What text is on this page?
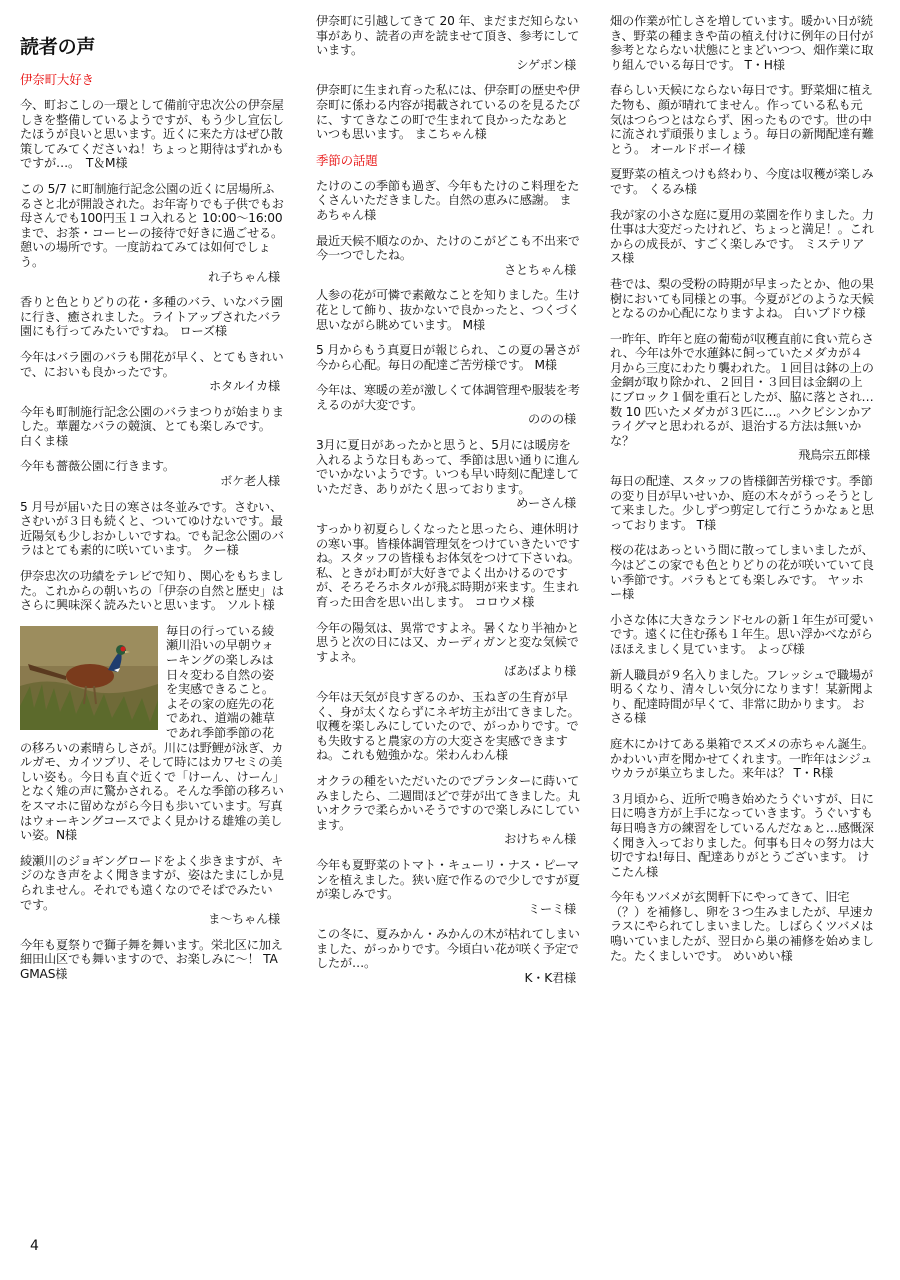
読者の声
伊奈町大好き
今、町おこしの一環として備前守忠次公の伊奈屋しきを整備しているようですが、もう少し宣伝したほうが良いと思います。近くに来た方はぜひ散策してみてくださいね！ちょっと期待はずれかもですが…。　T＆M様
この 5/7 に町制施行記念公園の近くに居場所ふるさと北が開設された。お年寄りでも子供でもお母さんでも100円玉１コ入れると 10:00～16:00 まで、お茶・コーヒーの接待で好きに過ごせる。憩いの場所です。一度訪ねてみては如何でしょう。
れ子ちゃん様
香りと色とりどりの花・多種のバラ、いなバラ園に行き、癒されました。ライトアップされたバラ園にも行ってみたいですね。 ローズ様
今年はバラ園のバラも開花が早く、とてもきれいで、においも良かったです。
ホタルイカ様
今年も町制施行記念公園のバラまつりが始まりました。華麗なバラの競演、とても楽しみです。 白くま様
今年も薔薇公園に行きます。
ボケ老人様
5 月号が届いた日の寒さは冬並みです。さむい、さむいが３日も続くと、ついてゆけないです。最近陽気も少しおかしいですね。でも記念公園のバラはとても素的に咲いています。 クー様
伊奈忠次の功績をテレビで知り、関心をもちました。これからの朝いちの「伊奈の自然と歴史」はさらに興味深く読みたいと思います。 ソルト様
毎日の行っている綾瀬川沿いの早朝ウォーキングの楽しみは日々変わる自然の姿を実感できること。よその家の庭先の花であれ、道端の雑草であれ季節季節の花の移ろいの素晴らしさが。川には野鯉が泳ぎ、カルガモ、カイツブリ、そして時にはカワセミの美しい姿も。今日も直ぐ近くで「けーん、けーん」となく雉の声に驚かされる。そんな季節の移ろいをスマホに留めながら今日も歩いています。写真はウォーキングコースでよく見かける雄雉の美しい姿。N様
綾瀬川のジョギングロードをよく歩きますが、キジのなき声をよく聞きますが、姿はたまにしか見られません。それでも遠くなのでそばでみたいです。
ま～ちゃん様
今年も夏祭りで獅子舞を舞います。栄北区に加え細田山区でも舞いますので、お楽しみに～！ TAGMAS様
伊奈町に引越してきて 20 年、まだまだ知らない事があり、読者の声を読ませて頂き、参考にしています。
シゲボン様
伊奈町に生まれ育った私には、伊奈町の歴史や伊奈町に係わる内容が掲載されているのを見るたびに、すてきなこの町で生まれて良かったなあといつも思います。 まこちゃん様
季節の話題
たけのこの季節も過ぎ、今年もたけのこ料理をたくさんいただきました。自然の恵みに感謝。 まあちゃん様
最近天候不順なのか、たけのこがどこも不出来で今一つでしたね。
さとちゃん様
人参の花が可憐で素敵なことを知りました。生け花として飾り、抜かないで良かったと、つくづく思いながら眺めています。 M様
5 月からもう真夏日が報じられ、この夏の暑さが今から心配。毎日の配達ご苦労様です。 M様
今年は、寒暖の差が激しくて体調管理や服装を考えるのが大変です。
ののの様
3月に夏日があったかと思うと、5月には暖房を入れるような日もあって、季節は思い通りに進んでいかないようです。いつも早い時刻に配達していただき、ありがたく思っております。
めーさん様
すっかり初夏らしくなったと思ったら、連休明けの寒い事。皆様体調管理気をつけていきたいですね。スタッフの皆様もお体気をつけて下さいね。私、ときがわ町が大好きでよく出かけるのですが、そろそろホタルが飛ぶ時期が来ます。生まれ育った田舎を思い出します。 コロウメ様
今年の陽気は、異常ですよネ。暑くなり半袖かと思うと次の日には又、カーディガンと変な気候ですよネ。
ばあばより様
今年は天気が良すぎるのか、玉ねぎの生育が早く、身が太くならずにネギ坊主が出てきました。収穫を楽しみにしていたので、がっかりです。でも失敗すると農家の方の大変さを実感できますね。これも勉強かな。栄わんわん様
オクラの種をいただいたのでプランターに蒔いてみましたら、二週間ほどで芽が出てきました。丸いオクラで柔らかいそうですので楽しみにしています。
おけちゃん様
今年も夏野菜のトマト・キューリ・ナス・ピーマンを植えました。狭い庭で作るので少しですが夏が楽しみです。
ミーミ様
この冬に、夏みかん・みかんの木が枯れてしまいました、がっかりです。今頃白い花が咲く予定でしたが…。
K・K君様
畑の作業が忙しさを増しています。暖かい日が続き、野菜の種まきや苗の植え付けに例年の日付が参考とならない状態にとまどいつつ、畑作業に取り組んでいる毎日です。 T・H様
春らしい天候にならない毎日です。野菜畑に植えた物も、顔が晴れてません。作っている私も元気はつらつとはならず、困ったものです。世の中に流されず頑張りましょう。毎日の新聞配達有難とう。 オールドボーイ様
夏野菜の植えつけも終わり、今度は収穫が楽しみです。 くるみ様
我が家の小さな庭に夏用の菜園を作りました。力仕事は大変だったけれど、ちょっと満足！。これからの成長が、すごく楽しみです。 ミステリアス様
巷では、梨の受粉の時期が早まったとか、他の果樹においても同様との事。今夏がどのような天候となるのか心配になりますよね。 白いブドウ様
一昨年、昨年と庭の葡萄が収穫直前に食い荒らされ、今年は外で水蓮鉢に飼っていたメダカが４月から三度にわたり襲われた。１回目は鉢の上の金網が取り除かれ、２回目・３回目は金網の上にブロック１個を重石としたが、脇に落とされ…数 10 匹いたメダカが３匹に…。ハクビシンかアライグマと思われるが、退治する方法は無いかな？
飛鳥宗五郎様
毎日の配達、スタッフの皆様御苦労様です。季節の変り目が早いせいか、庭の木々がうっそうとして来ました。少しずつ剪定して行こうかなぁと思っております。 T様
桜の花はあっという間に散ってしまいましたが、今はどこの家でも色とりどりの花が咲いていて良い季節です。バラもとても楽しみです。 ヤッホー様
小さな体に大きなランドセルの新１年生が可愛いです。遠くに住む孫も１年生。思い浮かべながらほほえましく見ています。 よっぴ様
新人職員が９名入りました。フレッシュで職場が明るくなり、清々しい気分になります！某新聞より、配達時間が早くて、非常に助かります。 おさる様
庭木にかけてある巣箱でスズメの赤ちゃん誕生。かわいい声を聞かせてくれます。一昨年はシジュウカラが巣立ちました。来年は？ T・R様
３月頃から、近所で鳴き始めたうぐいすが、日に日に鳴き方が上手になっていきます。うぐいすも毎日鳴き方の練習をしているんだなぁと…感慨深く聞き入っておりました。何事も日々の努力は大切ですね!毎日、配達ありがとうございます。 けこたん様
今年もツバメが玄関軒下にやってきて、旧宅（？）を補修し、卵を３つ生みましたが、早速カラスにやられてしまいました。しばらくツバメは鳴いていましたが、翌日から巣の補修を始めました。たくましいです。 めいめい様
4
